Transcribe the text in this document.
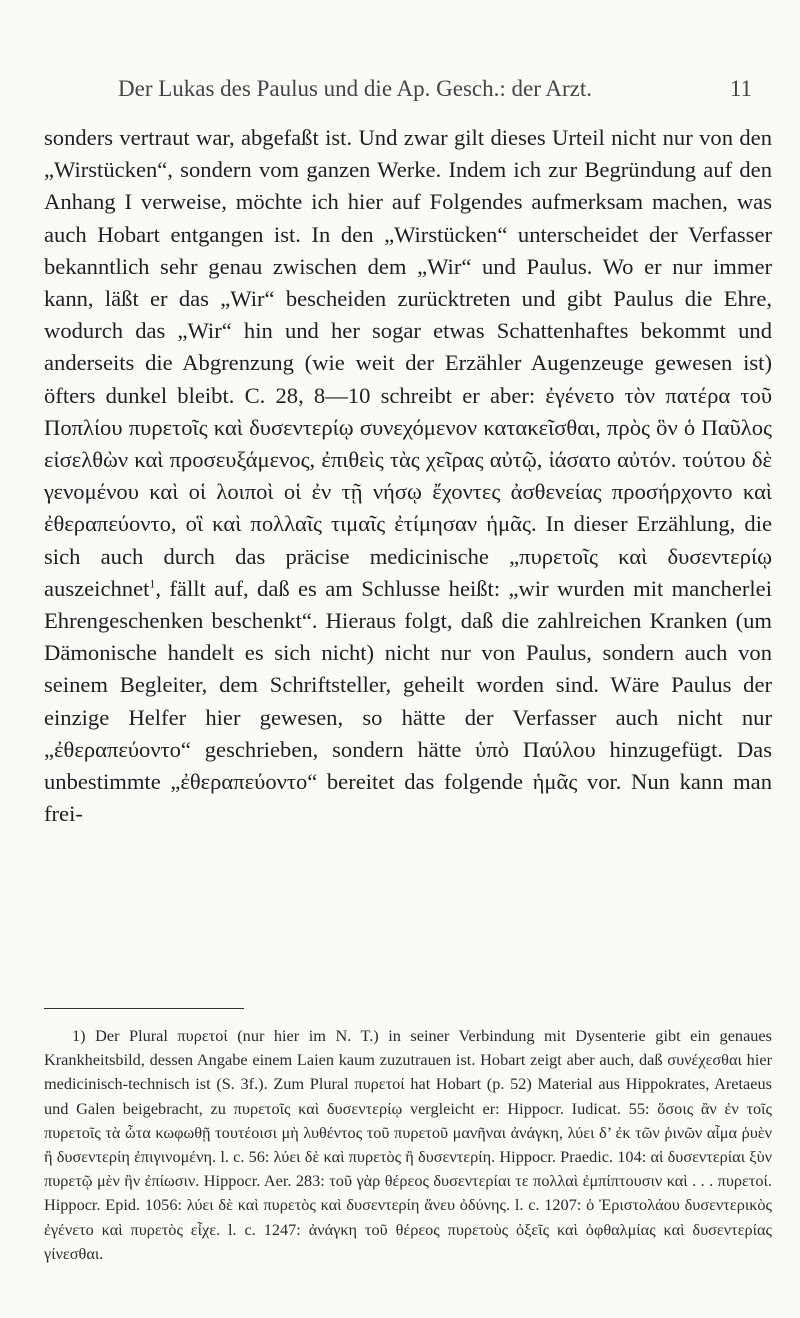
Der Lukas des Paulus und die Ap. Gesch.: der Arzt.	11
sonders vertraut war, abgefaßt ist. Und zwar gilt dieses Urteil nicht nur von den „Wirstücken“, sondern vom ganzen Werke. Indem ich zur Begründung auf den Anhang I verweise, möchte ich hier auf Folgendes aufmerksam machen, was auch Hobart entgangen ist. In den „Wirstücken“ unterscheidet der Verfasser bekanntlich sehr genau zwischen dem „Wir“ und Paulus. Wo er nur immer kann, läßt er das „Wir“ bescheiden zurücktreten und gibt Paulus die Ehre, wodurch das „Wir“ hin und her sogar etwas Schattenhaftes bekommt und anderseits die Abgrenzung (wie weit der Erzähler Augenzeuge gewesen ist) öfters dunkel bleibt. C. 28, 8—10 schreibt er aber: ἐγένετο τὸν πατέρα τοῦ Ποπλίου πυρετοῖς καὶ δυσεντερίῳ συνεχόμενον κατακεῖσθαι, πρὸς ὃν ὁ Παῦλος εἰσελθὼν καὶ προσευξάμενος, ἐπιθεὶς τὰς χεῖρας αὐτῷ, ἰάσατο αὐτόν. τούτου δὲ γενομένου καὶ οἱ λοιποὶ οἱ ἐν τῇ νήσῳ ἔχοντες ἀσθενείας προσήρχοντο καὶ ἐθεραπεύοντο, οἳ καὶ πολλαῖς τιμαῖς ἐτίμησαν ἡμᾶς. In dieser Erzählung, die sich auch durch das präcise medicinische „πυρετοῖς καὶ δυσεντερίῳ auszeichnet$^1$, fällt auf, daß es am Schlusse heißt: „wir wurden mit mancherlei Ehrengeschenken beschenkt“. Hieraus folgt, daß die zahlreichen Kranken (um Dämonische handelt es sich nicht) nicht nur von Paulus, sondern auch von seinem Begleiter, dem Schriftsteller, geheilt worden sind. Wäre Paulus der einzige Helfer hier gewesen, so hätte der Verfasser auch nicht nur „ἐθεραπεύοντο“ geschrieben, sondern hätte ὑπὸ Παύλου hinzugefügt. Das unbestimmte „ἐθεραπεύοντο“ bereitet das folgende ἡμᾶς vor. Nun kann man frei-
1) Der Plural πυρετοί (nur hier im N. T.) in seiner Verbindung mit Dysenterie gibt ein genaues Krankheitsbild, dessen Angabe einem Laien kaum zuzutrauen ist. Hobart zeigt aber auch, daß συνέχεσθαι hier medicinisch-technisch ist (S. 3f.). Zum Plural πυρετοί hat Hobart (p. 52) Material aus Hippokrates, Aretaeus und Galen beigebracht, zu πυρετοῖς καὶ δυσεντερίῳ vergleicht er: Hippocr. Iudicat. 55: ὅσοις ἂν ἐν τοῖς πυρετοῖς τὰ ὦτα κωφωθῇ τουτέοισι μὴ λυθέντος τοῦ πυρετοῦ μανῆναι ἀνάγκη, λύει δ’ ἐκ τῶν ῥινῶν αἷμα ῥυὲν ἢ δυσεντερίη ἐπιγινομένη. l. c. 56: λύει δὲ καὶ πυρετὸς ἢ δυσεντερίη. Hippocr. Praedic. 104: αἱ δυσεντερίαι ξὺν πυρετῷ μὲν ἢν ἐπίωσιν. Hippocr. Aer. 283: τοῦ γὰρ θέρεος δυσεντερίαι τε πολλαὶ ἐμπίπτουσιν καὶ . . . πυρετοί. Hippocr. Epid. 1056: λύει δὲ καὶ πυρετὸς καὶ δυσεντερίη ἄνευ ὀδύνης. l. c. 1207: ὁ Ἐριστολάου δυσεντερικὸς ἐγένετο καὶ πυρετὸς εἶχε. l. c. 1247: ἀνάγκη τοῦ θέρεος πυρετοὺς ὀξεῖς καὶ ὀφθαλμίας καὶ δυσεντερίας γίνεσθαι.
